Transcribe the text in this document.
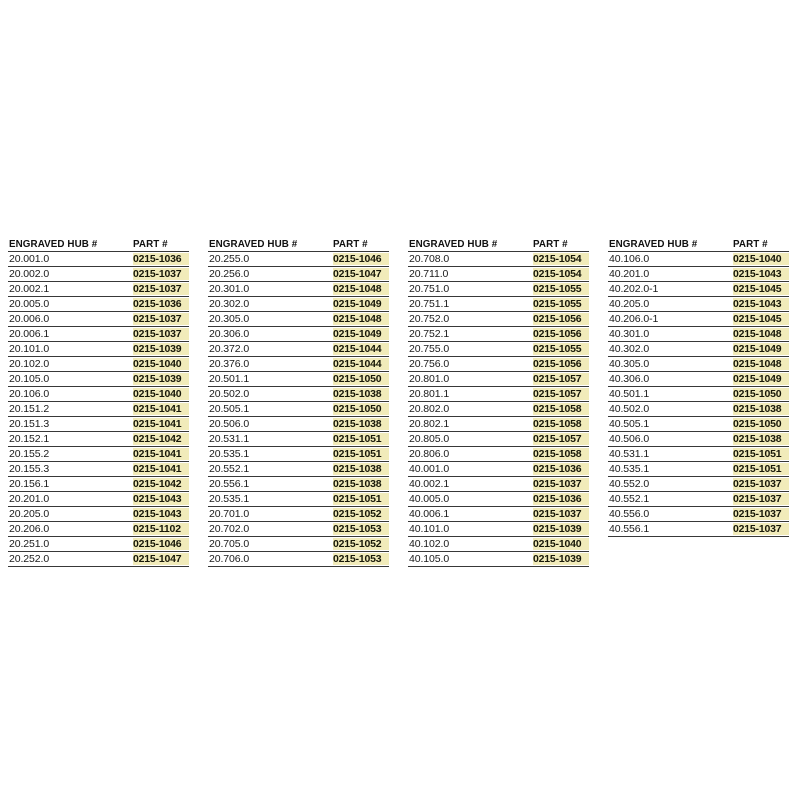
ENGRAVED HUB #	PART #
20.001.0	0215-1036
20.002.0	0215-1037
20.002.1	0215-1037
20.005.0	0215-1036
20.006.0	0215-1037
20.006.1	0215-1037
20.101.0	0215-1039
20.102.0	0215-1040
20.105.0	0215-1039
20.106.0	0215-1040
20.151.2	0215-1041
20.151.3	0215-1041
20.152.1	0215-1042
20.155.2	0215-1041
20.155.3	0215-1041
20.156.1	0215-1042
20.201.0	0215-1043
20.205.0	0215-1043
20.206.0	0215-1102
20.251.0	0215-1046
20.252.0	0215-1047
ENGRAVED HUB #	PART #
20.255.0	0215-1046
20.256.0	0215-1047
20.301.0	0215-1048
20.302.0	0215-1049
20.305.0	0215-1048
20.306.0	0215-1049
20.372.0	0215-1044
20.376.0	0215-1044
20.501.1	0215-1050
20.502.0	0215-1038
20.505.1	0215-1050
20.506.0	0215-1038
20.531.1	0215-1051
20.535.1	0215-1051
20.552.1	0215-1038
20.556.1	0215-1038
20.535.1	0215-1051
20.701.0	0215-1052
20.702.0	0215-1053
20.705.0	0215-1052
20.706.0	0215-1053
ENGRAVED HUB #	PART #
20.708.0	0215-1054
20.711.0	0215-1054
20.751.0	0215-1055
20.751.1	0215-1055
20.752.0	0215-1056
20.752.1	0215-1056
20.755.0	0215-1055
20.756.0	0215-1056
20.801.0	0215-1057
20.801.1	0215-1057
20.802.0	0215-1058
20.802.1	0215-1058
20.805.0	0215-1057
20.806.0	0215-1058
40.001.0	0215-1036
40.002.1	0215-1037
40.005.0	0215-1036
40.006.1	0215-1037
40.101.0	0215-1039
40.102.0	0215-1040
40.105.0	0215-1039
ENGRAVED HUB #	PART #
40.106.0	0215-1040
40.201.0	0215-1043
40.202.0-1	0215-1045
40.205.0	0215-1043
40.206.0-1	0215-1045
40.301.0	0215-1048
40.302.0	0215-1049
40.305.0	0215-1048
40.306.0	0215-1049
40.501.1	0215-1050
40.502.0	0215-1038
40.505.1	0215-1050
40.506.0	0215-1038
40.531.1	0215-1051
40.535.1	0215-1051
40.552.0	0215-1037
40.552.1	0215-1037
40.556.0	0215-1037
40.556.1	0215-1037
